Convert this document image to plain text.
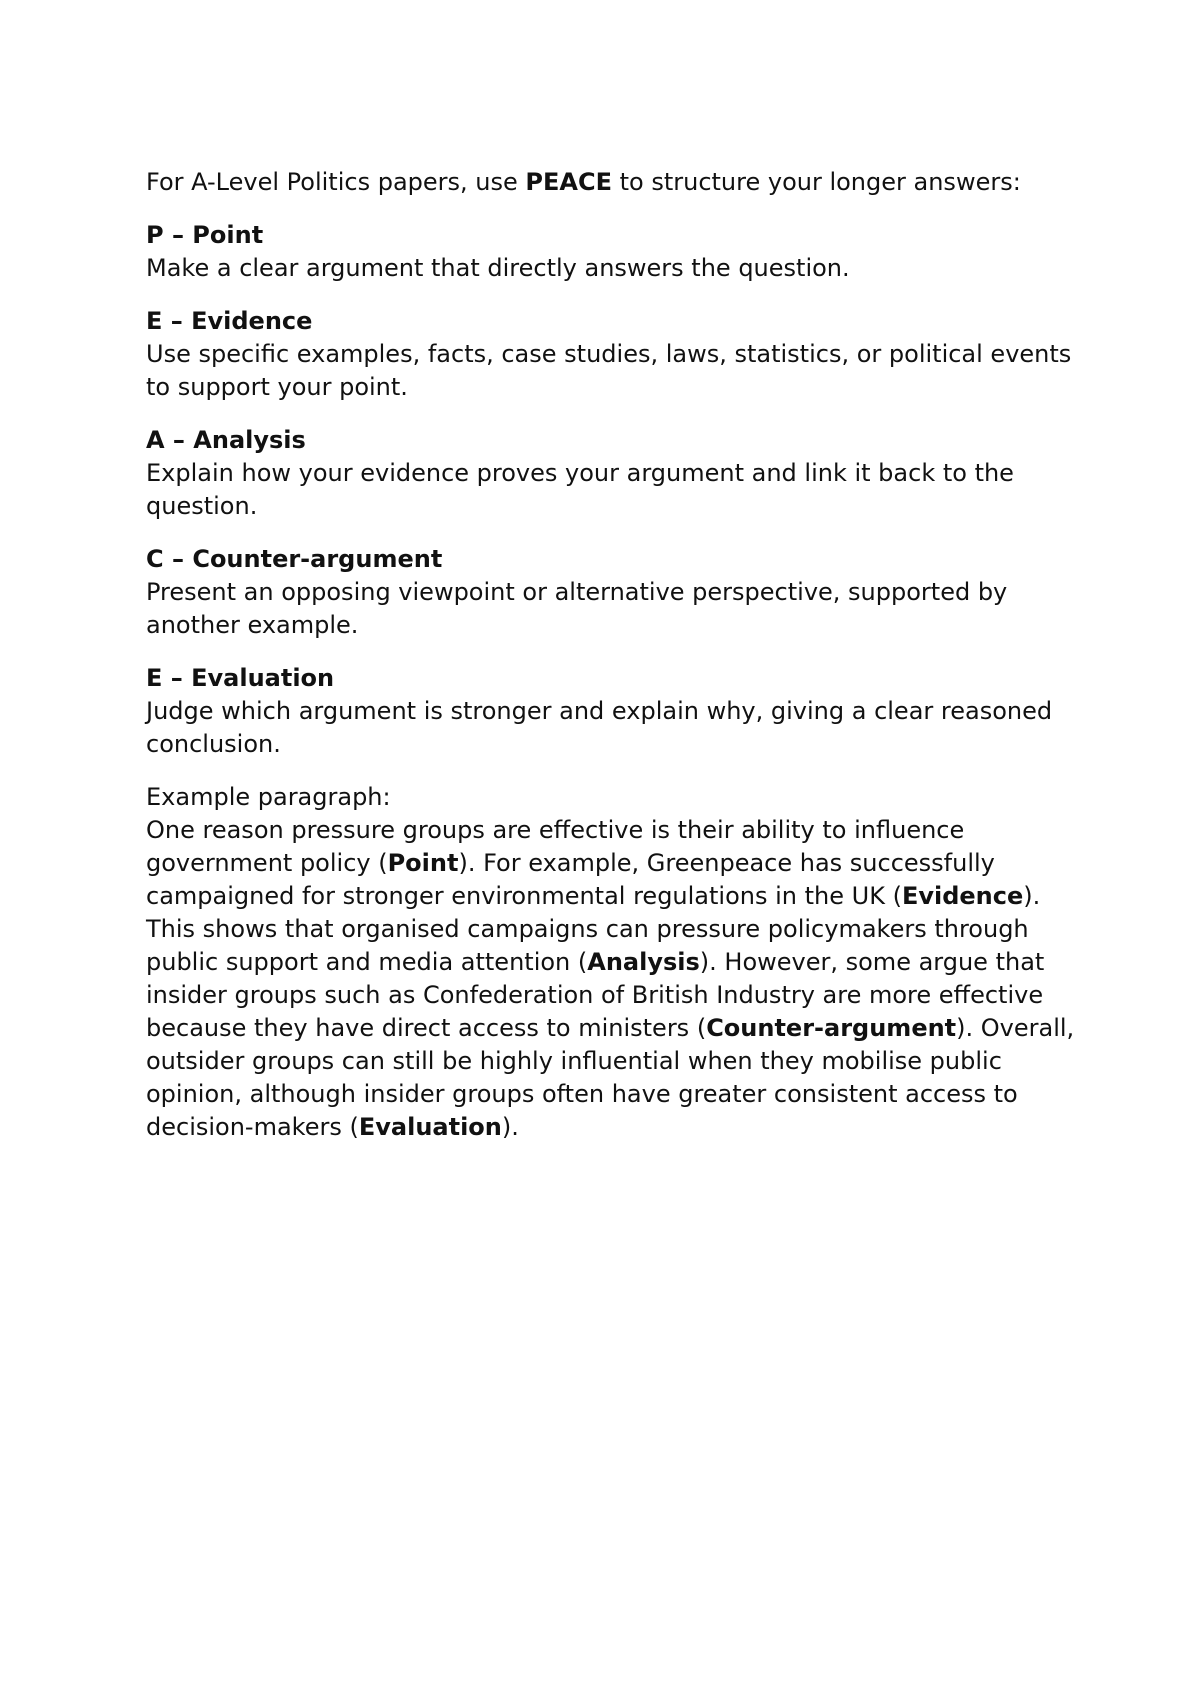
For A-Level Politics papers, use PEACE to structure your longer answers:

P – Point
Make a clear argument that directly answers the question.
E – Evidence
Use specific examples, facts, case studies, laws, statistics, or political events to support your point.
A – Analysis
Explain how your evidence proves your argument and link it back to the question.
C – Counter-argument
Present an opposing viewpoint or alternative perspective, supported by another example.
E – Evaluation
Judge which argument is stronger and explain why, giving a clear reasoned conclusion.
Example paragraph:
One reason pressure groups are effective is their ability to influence government policy (Point). For example, Greenpeace has successfully campaigned for stronger environmental regulations in the UK (Evidence). This shows that organised campaigns can pressure policymakers through public support and media attention (Analysis). However, some argue that insider groups such as Confederation of British Industry are more effective because they have direct access to ministers (Counter-argument). Overall, outsider groups can still be highly influential when they mobilise public opinion, although insider groups often have greater consistent access to decision-makers (Evaluation).
